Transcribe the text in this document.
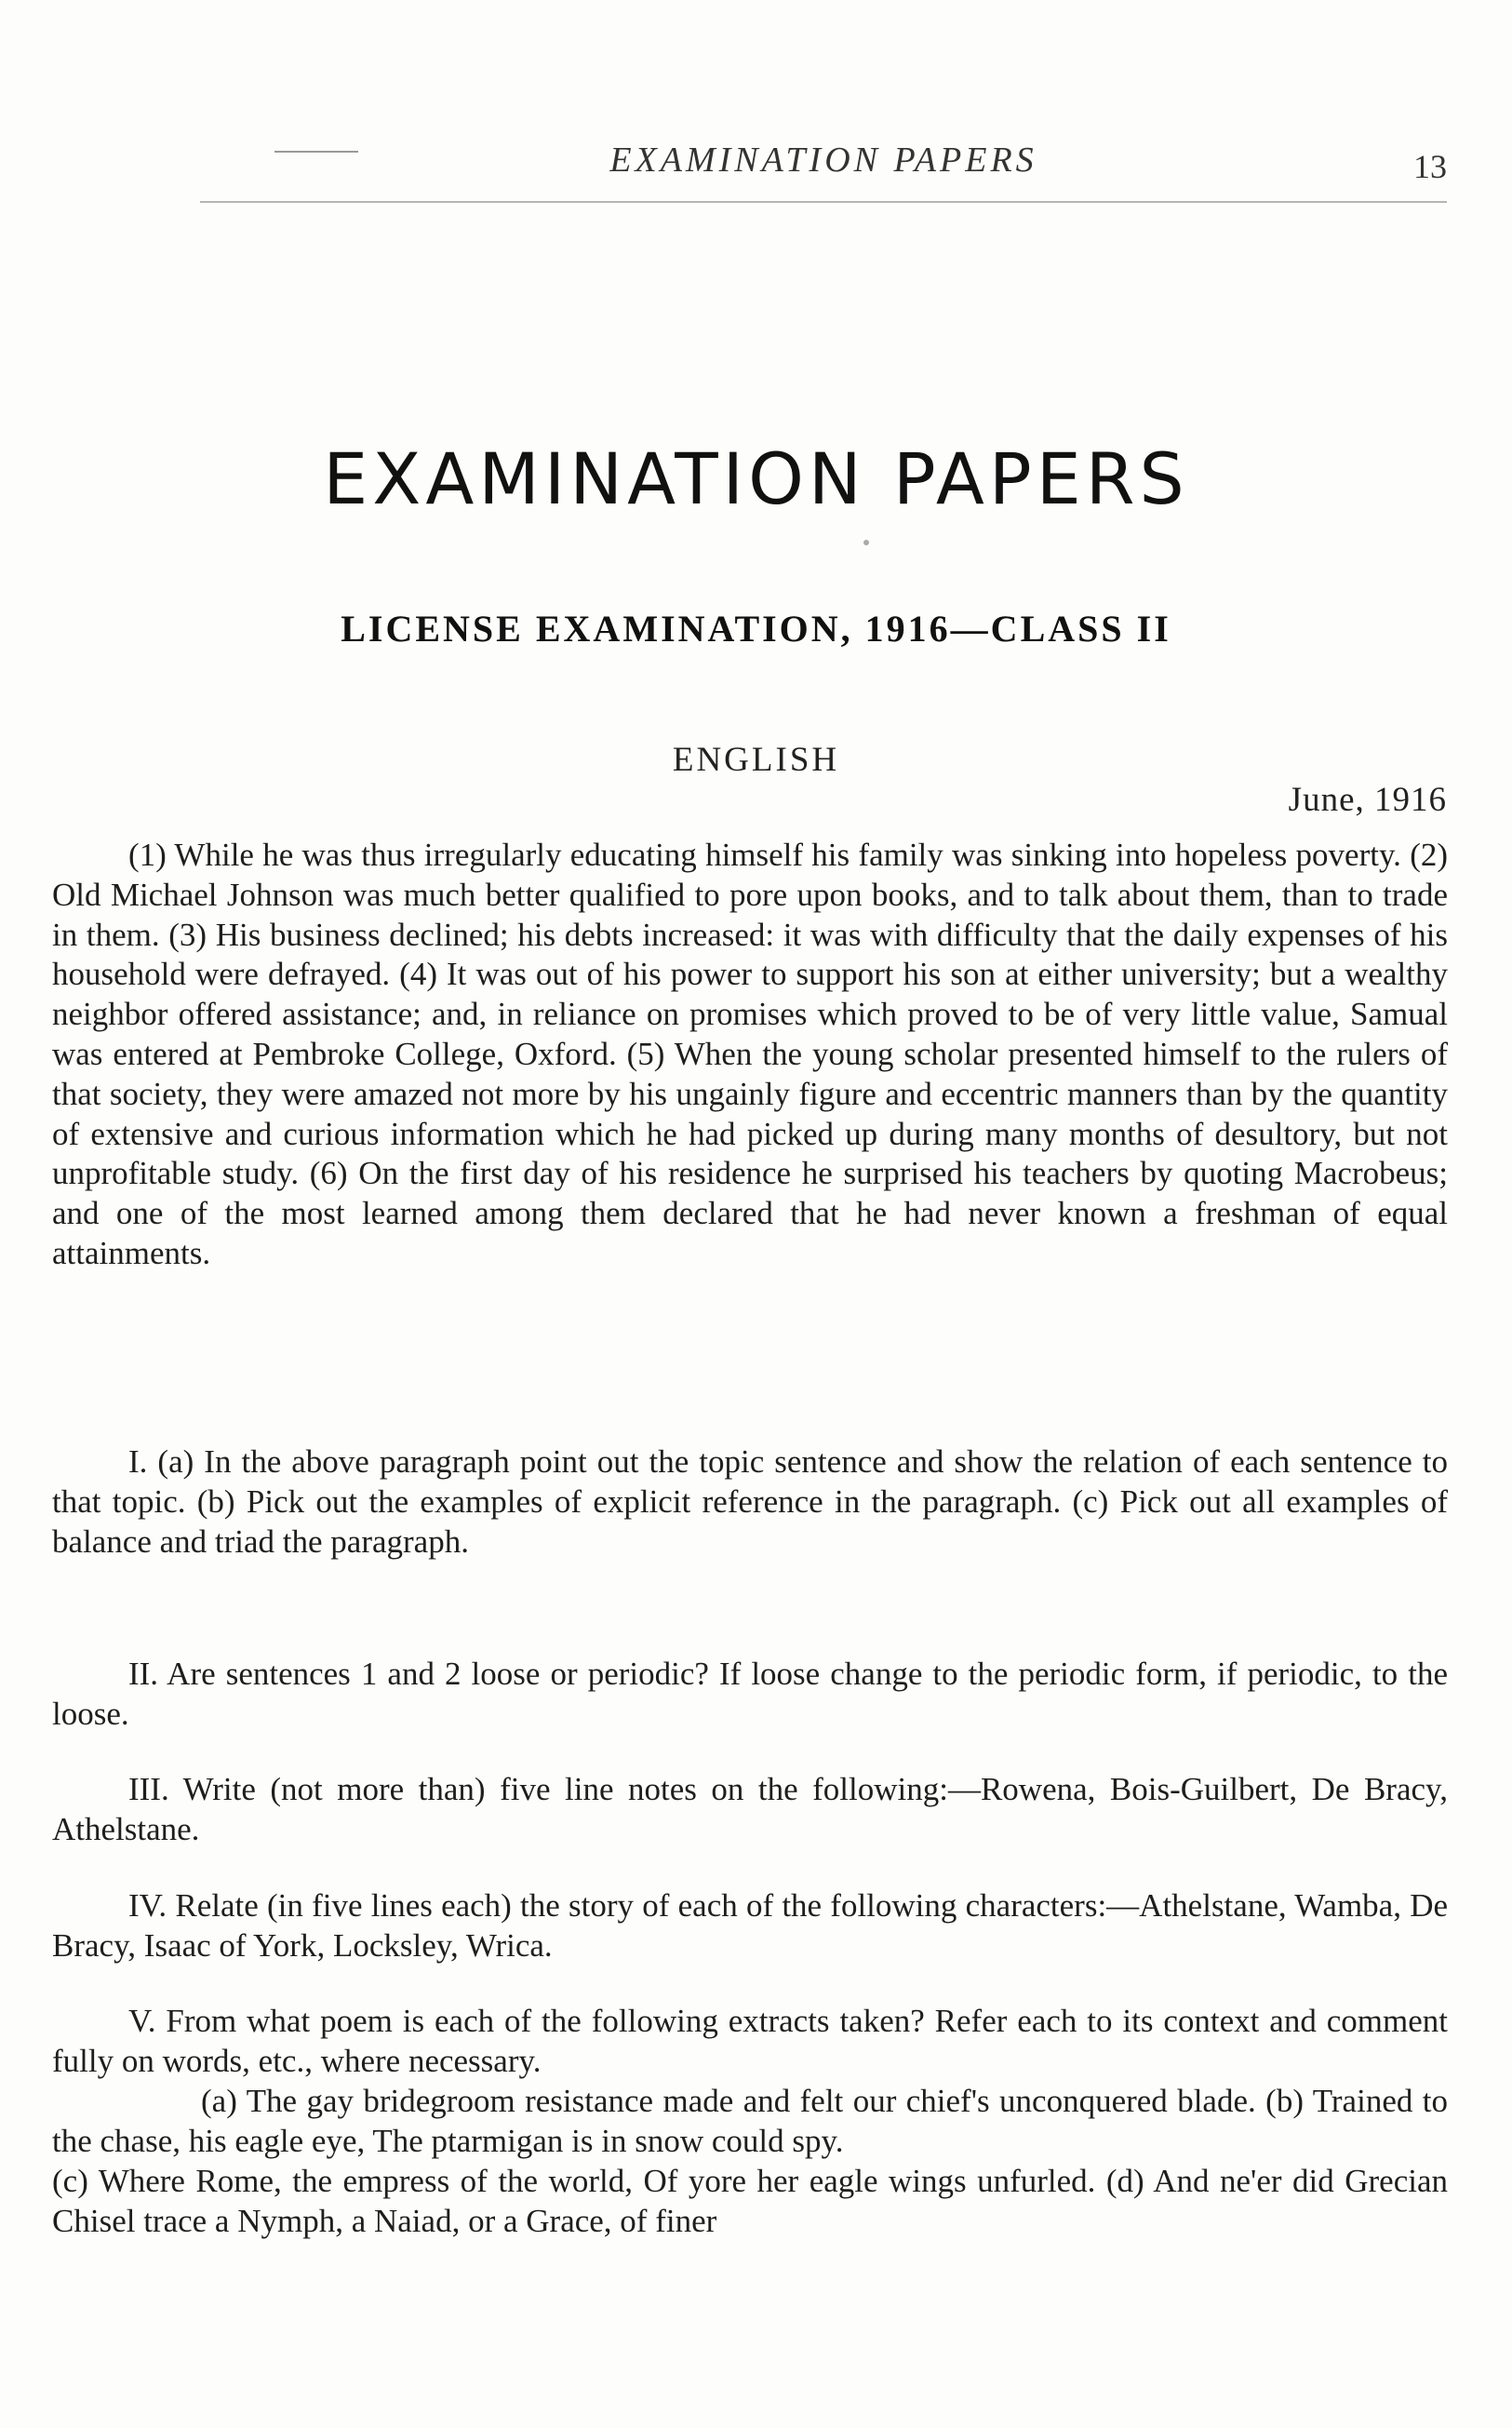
EXAMINATION PAPERS	13
EXAMINATION PAPERS
LICENSE EXAMINATION, 1916—CLASS II
ENGLISH
June, 1916

(1) While he was thus irregularly educating himself his family was sinking into hopeless poverty. (2) Old Michael Johnson was much better qualified to pore upon books, and to talk about them, than to trade in them. (3) His business declined; his debts increased: it was with difficulty that the daily expenses of his household were defrayed. (4) It was out of his power to support his son at either university; but a wealthy neighbor offered assistance; and, in reliance on promises which proved to be of very little value, Samual was entered at Pembroke College, Oxford. (5) When the young scholar presented himself to the rulers of that society, they were amazed not more by his ungainly figure and eccentric manners than by the quantity of extensive and curious information which he had picked up during many months of desultory, but not unprofitable study. (6) On the first day of his residence he surprised his teachers by quoting Macrobeus; and one of the most learned among them declared that he had never known a freshman of equal attainments.

I. (a) In the above paragraph point out the topic sentence and show the relation of each sentence to that topic. (b) Pick out the examples of explicit reference in the paragraph. (c) Pick out all examples of balance and triad the paragraph.

II. Are sentences 1 and 2 loose or periodic? If loose change to the periodic form, if periodic, to the loose.

III. Write (not more than) five line notes on the following:—Rowena, Bois-Guilbert, De Bracy, Athelstane.

IV. Relate (in five lines each) the story of each of the following characters:—Athelstane, Wamba, De Bracy, Isaac of York, Locksley, Wrica.

V. From what poem is each of the following extracts taken? Refer each to its context and comment fully on words, etc., where necessary.

(a) The gay bridegroom resistance made and felt our chief's unconquered blade. (b) Trained to the chase, his eagle eye, The ptarmigan is in snow could spy.

(c) Where Rome, the empress of the world, Of yore her eagle wings unfurled. (d) And ne'er did Grecian Chisel trace a Nymph, a Naiad, or a Grace, of finer
